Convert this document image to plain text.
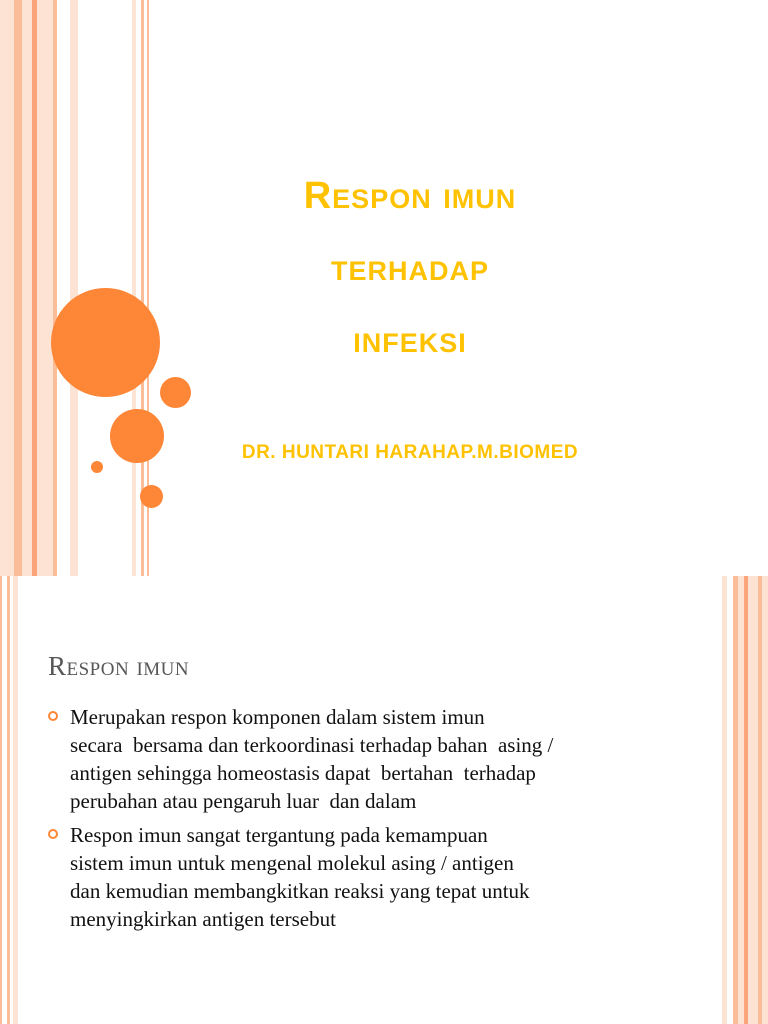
Respon imun
terhadap
infeksi
DR. HUNTARI HARAHAP.M.BIOMED
Respon imun
Merupakan respon komponen dalam sistem imun
secara  bersama dan terkoordinasi terhadap bahan  asing /
antigen sehingga homeostasis dapat  bertahan  terhadap
perubahan atau pengaruh luar  dan dalam
Respon imun sangat tergantung pada kemampuan
sistem imun untuk mengenal molekul asing / antigen
dan kemudian membangkitkan reaksi yang tepat untuk
menyingkirkan antigen tersebut
